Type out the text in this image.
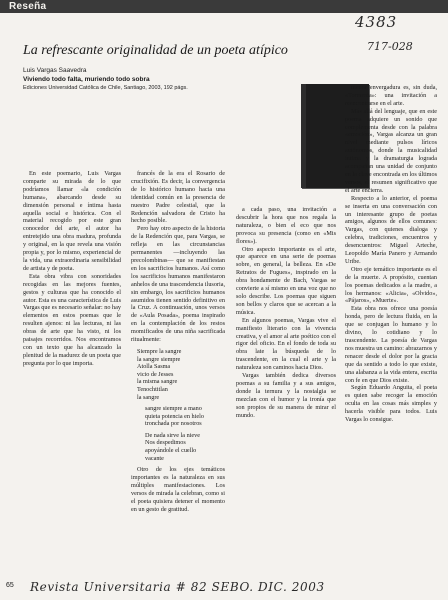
Reseña
4383
717-028
La refrescante originalidad de un poeta atípico
Luis Vargas Saavedra
Viviendo todo falta, muriendo todo sobra
Ediciones Universidad Católica de Chile, Santiago, 2003, 192 págs.

En este poemario, Luis Vargas comparte su mirada de lo que podríamos llamar «la condición humana», abarcando desde su dimensión personal e íntima hasta aquella social e histórica. Con el material recogido por este gran conocedor del arte, el autor ha entretejido una obra madura, profunda y original, en la que revela una visión propia y, por lo mismo, experiencial de la vida, una extraordinaria sensibilidad de artista y de poeta.

Esta obra vibra con sonoridades recogidas en las mejores fuentes, gestos y culturas que ha conocido el autor. Esta es una característica de Luis Vargas que es necesario señalar: no hay elementos en estos poemas que le resulten ajenos: ni las lecturas, ni las obras de arte que ha visto, ni los paisajes recorridos. Nos encontramos con un texto que ha alcanzado la plenitud de la madurez de un poeta que pregunta por lo que importa.

francés de la era el Rosario de crucifixión. Es decir, la convergencia de lo histórico humano hacia una identidad común en la presencia de nuestro Padre celestial, que la Redención salvadora de Cristo ha hecho posible.

Pero hay otro aspecto de la historia de la Redención que, para Vargas, se refleja en las circunstancias permanentes —incluyendo las precolombinas— que se manifiestan en los sacrificios humanos. Así como los sacrificios humanos manifestaron anhelos de una trascendencia ilusoria, sin embargo, los sacrificios humanos asumidos tienen sentido definitivo en la Cruz. A continuación, unos versos de «Aula Posada», poema inspirado en la contemplación de los restos momificados de una niña sacrificada ritualmente:

Siempre la sangre
la sangre siempre
Atolla Sasma
vicio de Jesses
la misma sangre
Tenochtitlan
la sangre
sangre siempre a mano
quieta potencia en hielo
tronchada por nosotros
De nada sirve la nieve
Nos despedimos
apoyándole el cuello
vacante

Otro de los ejes temáticos importantes es la naturaleza en sus múltiples manifestaciones. Los versos de mirada la celebran, como si el poeta quisiera detener el momento en un gesto de gratitud.

a cada paso, una invitación a descubrir la hora que nos regala la naturaleza, o bien el eco que nos provoca su presencia (como en «Mis flores»).

Otro aspecto importante es el arte, que aparece en una serie de poemas sobre, en general, la belleza. En «De Retratos de Fugues», inspirado en la obra hondamente de Bach, Vargas se convierte a sí mismo en una voz que no solo describe. Los poemas que siguen son bellos y claros que se acercan a la música.

En algunos poemas, Vargas vive el manifiesto literario con la vivencia creativa, y el amor al arte poético con el rigor del oficio. En el fondo de toda su obra late la búsqueda de lo trascendente, en la cual el arte y la naturaleza son caminos hacia Dios.

Vargas también dedica diversos poemas a su familia y a sus amigos, donde la ternura y la nostalgia se mezclan con el humor y la ironía que son propios de su manera de mirar el mundo.

menor envergadura es, sin duda, «Tormenta»: una invitación a reencontrarse en el arte.

Más allá del lenguaje, que en este poema adquiere un sonido que complementa desde con la palabra «emoción», Vargas alcanza un gran nivel mediante pulsos líricos autónomos, donde la musicalidad íntima y la dramaturgia lograda acompañan una unidad de conjunto en la clave encontrada en los últimos versos, el resumen significativo que el arte encierra.

Respecto a lo anterior, el poema se inserta en una conversación con un interesante grupo de poetas amigos, algunos de ellos comunes: Vargas, con quienes dialoga y celebra, tradiciones, encuentros y desencuentros: Miguel Arteche, Leopoldo María Panero y Armando Uribe.

Otro eje temático importante es el de la muerte. A propósito, cuentan los poemas dedicados a la madre, a los hermanos: «Alicia», «Olvido», «Pájaros», «Muerte».

Esta obra nos ofrece una poesía honda, pero de lectura fluida, en la que se conjugan lo humano y lo divino, lo cotidiano y lo trascendente. La poesía de Vargas nos muestra un camino: abrazarnos y renacer desde el dolor por la gracia que da sentido a todo lo que existe, una alabanza a la vida entera, escrita con fe en que Dios existe.

Según Eduardo Anguita, el poeta es quien sabe recoger la emoción oculta en las cosas más simples y hacerla visible para todos. Luis Vargas lo consigue.

65 Revista Universitaria # 82 SEBO. DIC. 2003
